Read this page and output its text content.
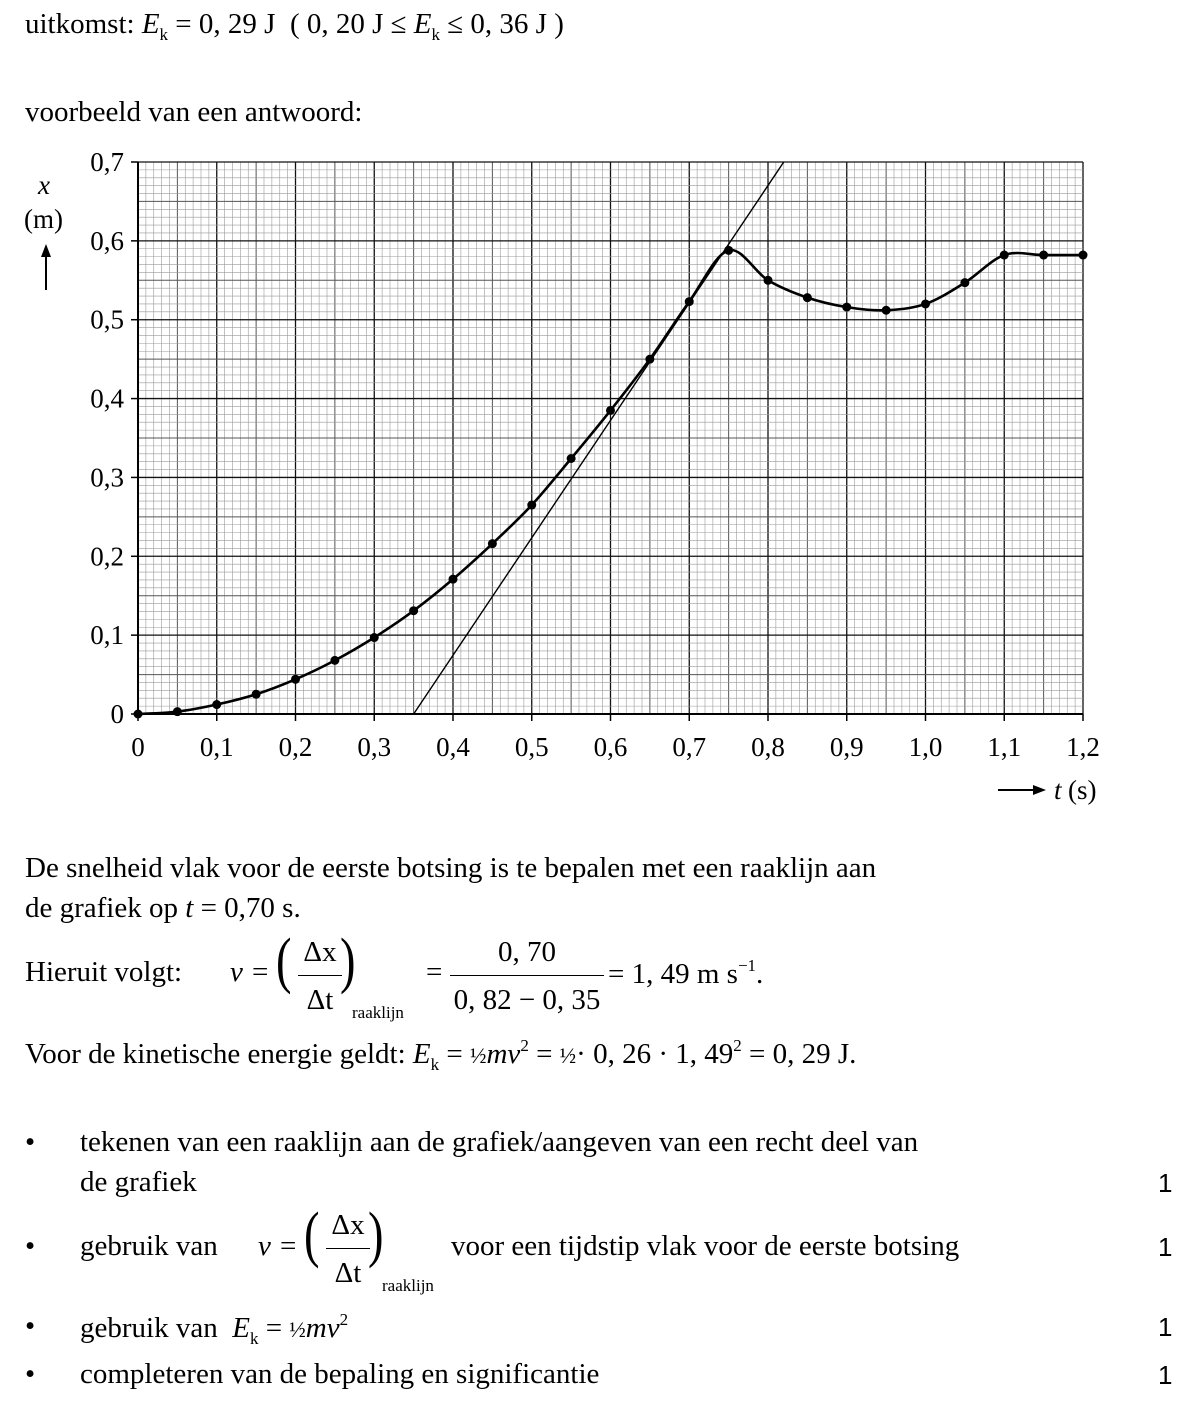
uitkomst: $E_k = 0$, 29 J ( 0, 20 $J \le E_k \le 0$, 36 J )
voorbeeld van een antwoord:
0 0,1 0,2 0,3 0,4 0,5 0,6 0,7 0,8 0,9 1,0 1,1 1,2
0
0,1
0,2
0,3
0,4
0,5
0,6
0,7
x
(m)
t (s)
De snelheid vlak voor de eerste botsing is te bepalen met een raaklijn aan
de grafiek op t = 0,70 s.
Hieruit volgt: v = ( Δx
Δt
)
raaklijn
=
0, 70
0, 82 − 0, 35
= 1, 49 m $s^{-1}$.
Voor de kinetische energie geldt: $E_k$ = $\frac{1}{2}mv^2$ = ½· 0, 26 · 1, $49^2 = 0$, 29 J.
• tekenen van een raaklijn aan de grafiek/aangeven van een recht deel van
de grafiek	1
• gebruik van v = ( Δx
Δt
)
raaklijn
voor een tijdstip vlak voor de eerste botsing	1
• gebruik van $E_k$ = $\frac{1}{2}mv^2$	1
• completeren van de bepaling en significantie	1
